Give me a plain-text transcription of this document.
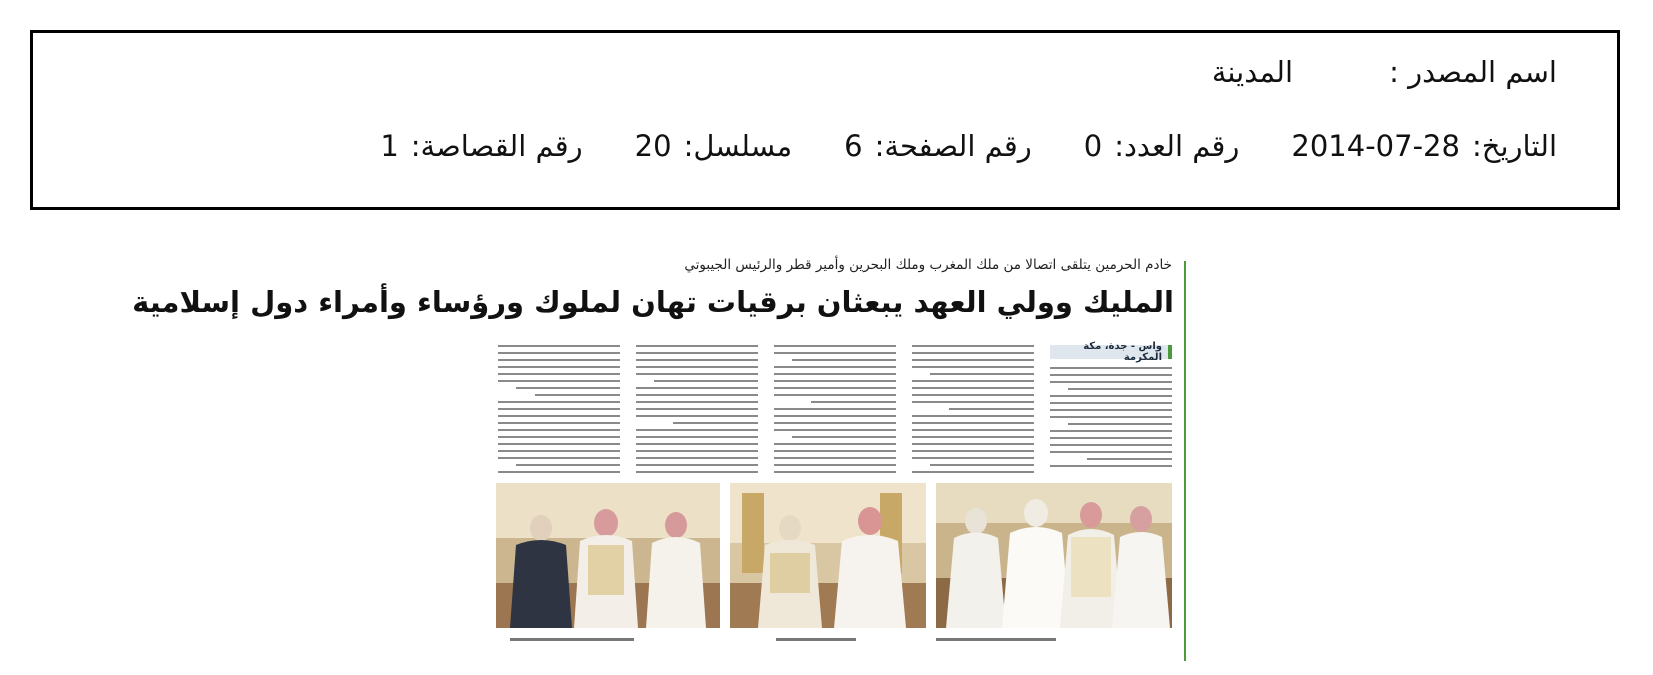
اسم المصدر :
المدينة
التاريخ:
2014-07-28
رقم العدد:
0
رقم الصفحة:
6
مسلسل:
20
رقم القصاصة:
1
خادم الحرمين يتلقى اتصالا من ملك المغرب وملك البحرين وأمير قطر والرئيس الجيبوتي
المليك وولي العهد يبعثان برقيات تهان لملوك ورؤساء وأمراء دول إسلامية
واس - جدة، مكة المكرمة
